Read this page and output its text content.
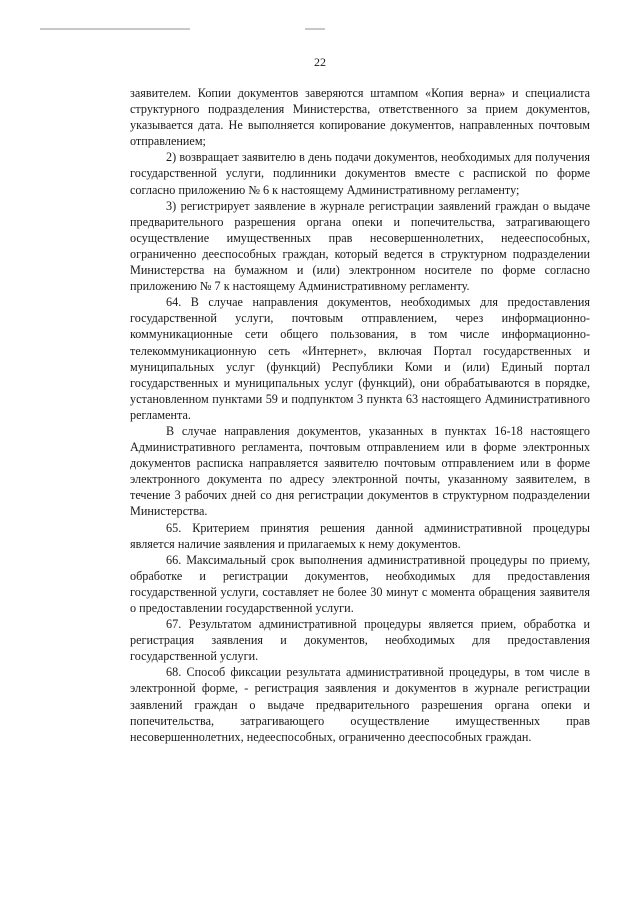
22

заявителем. Копии документов заверяются штампом «Копия верна» и специалиста структурного подразделения Министерства, ответственного за прием документов, указывается дата. Не выполняется копирование документов, направленных почтовым отправлением;

2) возвращает заявителю в день подачи документов, необходимых для получения государственной услуги, подлинники документов вместе с распиской по форме согласно приложению № 6 к настоящему Административному регламенту;

3) регистрирует заявление в журнале регистрации заявлений граждан о выдаче предварительного разрешения органа опеки и попечительства, затрагивающего осуществление имущественных прав несовершеннолетних, недееспособных, ограниченно дееспособных граждан, который ведется в структурном подразделении Министерства на бумажном и (или) электронном носителе по форме согласно приложению № 7 к настоящему Административному регламенту.

64. В случае направления документов, необходимых для предоставления государственной услуги, почтовым отправлением, через информационно-коммуникационные сети общего пользования, в том числе информационно-телекоммуникационную сеть «Интернет», включая Портал государственных и муниципальных услуг (функций) Республики Коми и (или) Единый портал государственных и муниципальных услуг (функций), они обрабатываются в порядке, установленном пунктами 59 и подпунктом 3 пункта 63 настоящего Административного регламента.

В случае направления документов, указанных в пунктах 16-18 настоящего Административного регламента, почтовым отправлением или в форме электронных документов расписка направляется заявителю почтовым отправлением или в форме электронного документа по адресу электронной почты, указанному заявителем, в течение 3 рабочих дней со дня регистрации документов в структурном подразделении Министерства.

65. Критерием принятия решения данной административной процедуры является наличие заявления и прилагаемых к нему документов.

66. Максимальный срок выполнения административной процедуры по приему, обработке и регистрации документов, необходимых для предоставления государственной услуги, составляет не более 30 минут с момента обращения заявителя о предоставлении государственной услуги.

67. Результатом административной процедуры является прием, обработка и регистрация заявления и документов, необходимых для предоставления государственной услуги.

68. Способ фиксации результата административной процедуры, в том числе в электронной форме, - регистрация заявления и документов в журнале регистрации заявлений граждан о выдаче предварительного разрешения органа опеки и попечительства, затрагивающего осуществление имущественных прав несовершеннолетних, недееспособных, ограниченно дееспособных граждан.
